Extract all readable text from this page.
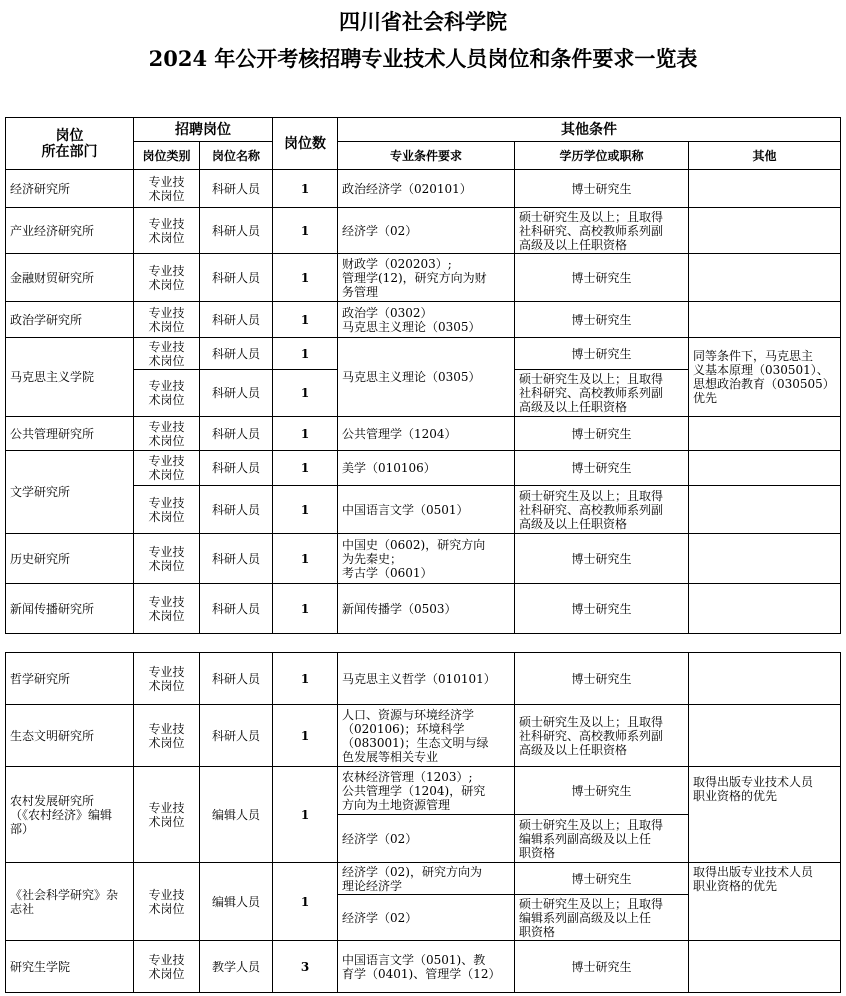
四川省社会科学院
2024 年公开考核招聘专业技术人员岗位和条件要求一览表
岗位
所在部门	招聘岗位		岗位数	其他条件		
	岗位类别	岗位名称		专业条件要求	学历学位或职称	其他
经济研究所	专业技
术岗位	科研人员	1	政治经济学（020101）	博士研究生	

产业经济研究所	专业技
术岗位	科研人员	1	经济学（02）	硕士研究生及以上；且取得
社科研究、高校教师系列副
高级及以上任职资格	

金融财贸研究所	专业技
术岗位	科研人员	1	财政学（020203）;
管理学(12)，研究方向为财
务管理	博士研究生	

政治学研究所	专业技
术岗位	科研人员	1	政治学（0302）
马克思主义理论（0305）	博士研究生	

马克思主义学院	专业技
术岗位	科研人员	1	马克思主义理论（0305）	博士研究生	同等条件下，马克思主
义基本原理（030501）、
思想政治教育（030505）
优先

	专业技
术岗位	科研人员	1		硕士研究生及以上；且取得
社科研究、高校教师系列副
高级及以上任职资格	

公共管理研究所	专业技
术岗位	科研人员	1	公共管理学（1204）	博士研究生	

文学研究所	专业技
术岗位	科研人员	1	美学（010106）	博士研究生	

	专业技
术岗位	科研人员	1	中国语言文学（0501）	硕士研究生及以上；且取得
社科研究、高校教师系列副
高级及以上任职资格	

历史研究所	专业技
术岗位	科研人员	1	中国史（0602)，研究方向
为先秦史；
考古学（0601）	博士研究生	

新闻传播研究所	专业技
术岗位	科研人员	1	新闻传播学（0503）	博士研究生	

哲学研究所	专业技
术岗位	科研人员	1	马克思主义哲学（010101）	博士研究生	

生态文明研究所	专业技
术岗位	科研人员	1	人口、资源与环境经济学
（020106)；环境科学
（083001)；生态文明与绿
色发展等相关专业	硕士研究生及以上；且取得
社科研究、高校教师系列副
高级及以上任职资格	

农村发展研究所
（《农村经济》编辑
部）	专业技
术岗位	编辑人员	1	农林经济管理（1203）;
公共管理学（1204)，研究
方向为土地资源管理	博士研究生	取得出版专业技术人员
职业资格的优先

				经济学（02）	硕士研究生及以上；且取得
编辑系列副高级及以上任
职资格	

《社会科学研究》杂
志社	专业技
术岗位	编辑人员	1	经济学（02)，研究方向为
理论经济学	博士研究生	取得出版专业技术人员
职业资格的优先

				经济学（02）	硕士研究生及以上；且取得
编辑系列副高级及以上任
职资格	

研究生学院	专业技
术岗位	教学人员	3	中国语言文学（0501)、教
育学（0401)、管理学（12）	博士研究生	
